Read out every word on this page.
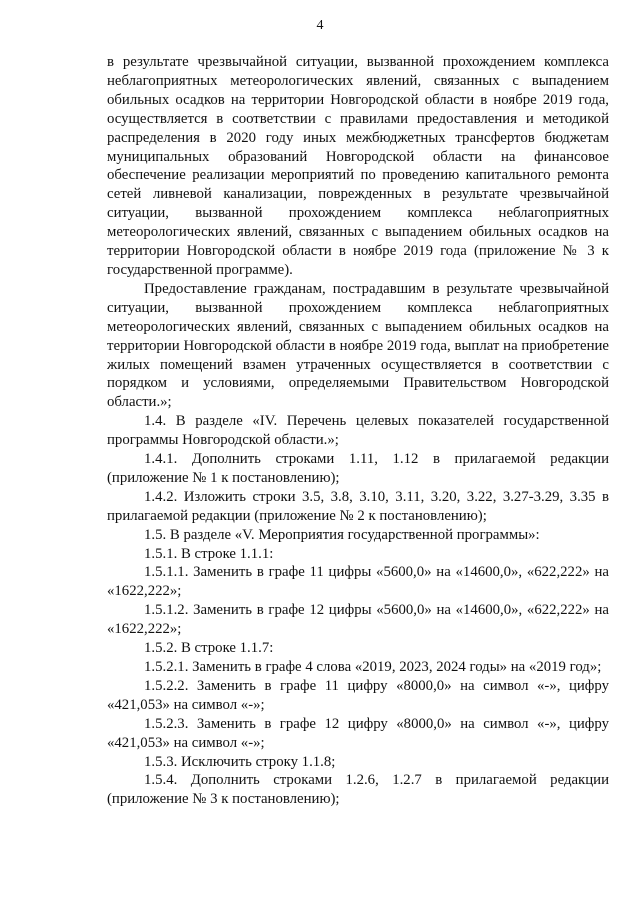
4

в результате чрезвычайной ситуации, вызванной прохождением комплекса неблагоприятных метеорологических явлений, связанных с выпадением обильных осадков на территории Новгородской области в ноябре 2019 года, осуществляется в соответствии с правилами предоставления и методикой распределения в 2020 году иных межбюджетных трансфертов бюджетам муниципальных образований Новгородской области на финансовое обеспечение реализации мероприятий по проведению капитального ремонта сетей ливневой канализации, поврежденных в результате чрезвычайной ситуации, вызванной прохождением комплекса неблагоприятных метеорологических явлений, связанных с выпадением обильных осадков на территории Новгородской области в ноябре 2019 года (приложение № 3 к государственной программе).

Предоставление гражданам, пострадавшим в результате чрезвычайной ситуации, вызванной прохождением комплекса неблагоприятных метеорологических явлений, связанных с выпадением обильных осадков на территории Новгородской области в ноябре 2019 года, выплат на приобретение жилых помещений взамен утраченных осуществляется в соответствии с порядком и условиями, определяемыми Правительством Новгородской области.»;

1.4. В разделе «IV. Перечень целевых показателей государственной программы Новгородской области.»;

1.4.1. Дополнить строками 1.11, 1.12 в прилагаемой редакции (приложение № 1 к постановлению);

1.4.2. Изложить строки 3.5, 3.8, 3.10, 3.11, 3.20, 3.22, 3.27-3.29, 3.35 в прилагаемой редакции (приложение № 2 к постановлению);

1.5. В разделе «V. Мероприятия государственной программы»:

1.5.1. В строке 1.1.1:

1.5.1.1. Заменить в графе 11 цифры «5600,0» на «14600,0», «622,222» на «1622,222»;

1.5.1.2. Заменить в графе 12 цифры «5600,0» на «14600,0», «622,222» на «1622,222»;

1.5.2. В строке 1.1.7:

1.5.2.1. Заменить в графе 4 слова «2019, 2023, 2024 годы» на «2019 год»;

1.5.2.2. Заменить в графе 11 цифру «8000,0» на символ «-», цифру «421,053» на символ «-»;

1.5.2.3. Заменить в графе 12 цифру «8000,0» на символ «-», цифру «421,053» на символ «-»;

1.5.3. Исключить строку 1.1.8;

1.5.4. Дополнить строками 1.2.6, 1.2.7 в прилагаемой редакции (приложение № 3 к постановлению);
